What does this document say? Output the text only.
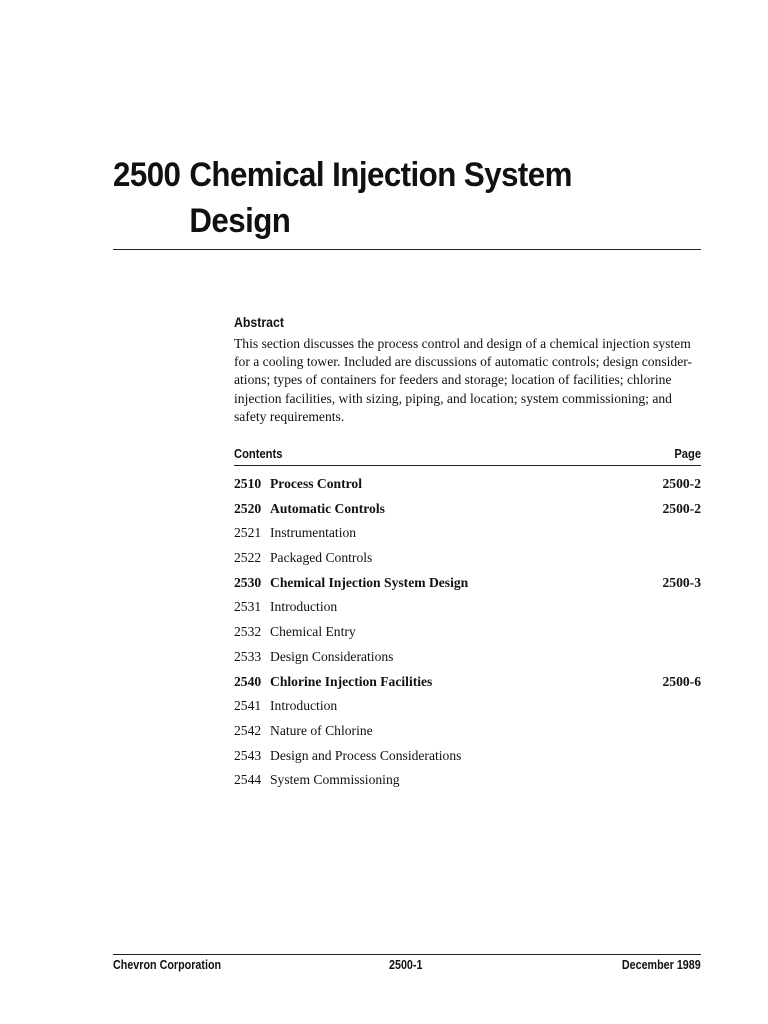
2500 Chemical Injection System
Design
Abstract

This section discusses the process control and design of a chemical injection system for a cooling tower. Included are discussions of automatic controls; design consider-ations; types of containers for feeders and storage; location of facilities; chlorine injection facilities, with sizing, piping, and location; system commissioning; and safety requirements.

Contents	Page
2510 Process Control	2500-2
2520 Automatic Controls	2500-2
2521 Instrumentation
2522 Packaged Controls
2530 Chemical Injection System Design	2500-3
2531 Introduction
2532 Chemical Entry
2533 Design Considerations
2540 Chlorine Injection Facilities	2500-6
2541 Introduction
2542 Nature of Chlorine
2543 Design and Process Considerations
2544 System Commissioning
Chevron Corporation	2500-1	December 1989
